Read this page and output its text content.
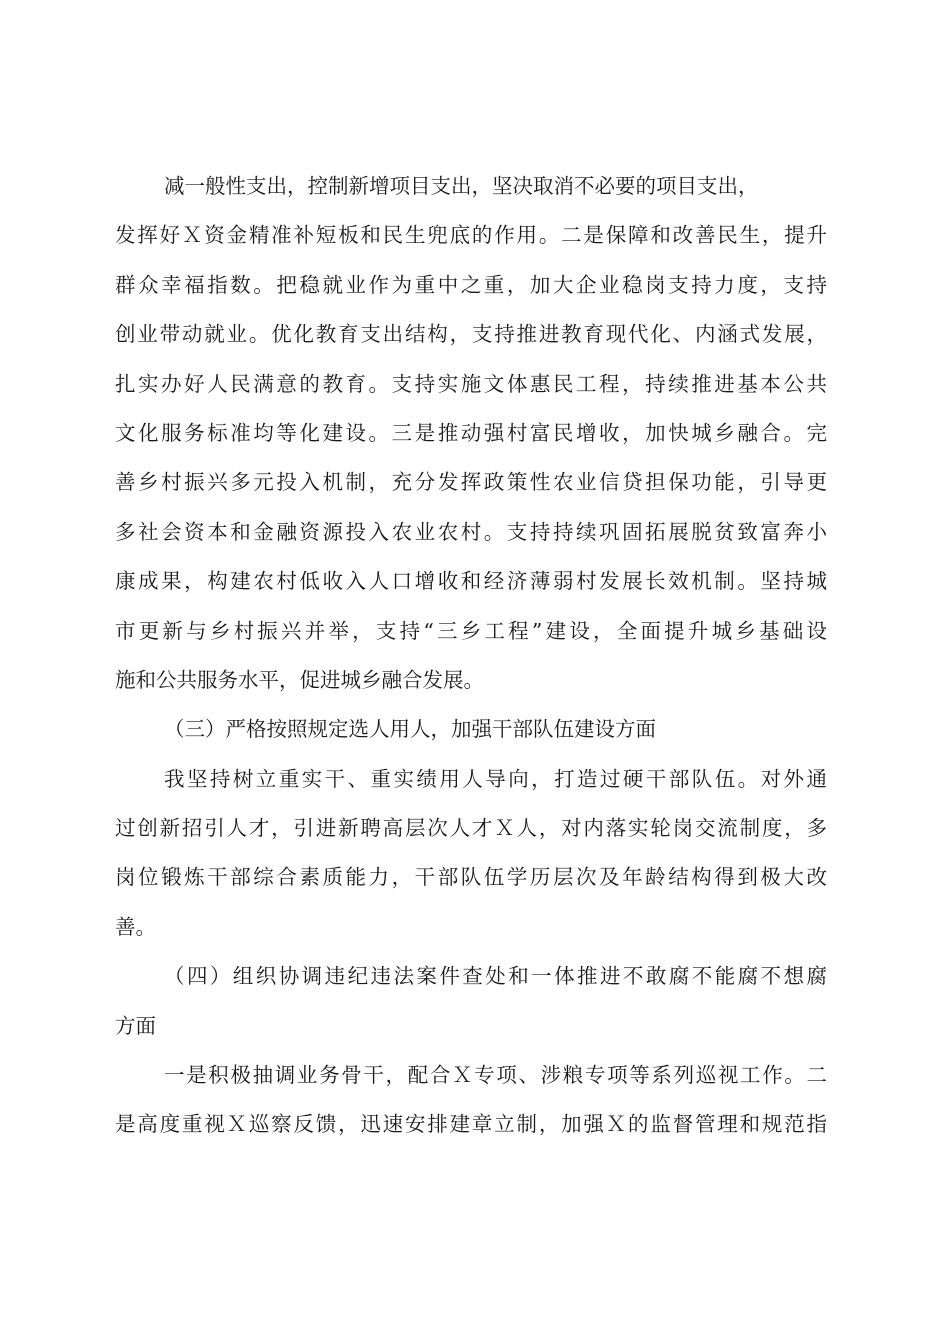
减一般性支出，控制新增项目支出，坚决取消不必要的项目支出，
发挥好Ｘ资金精准补短板和民生兜底的作用。二是保障和改善民生，提升
群众幸福指数。把稳就业作为重中之重，加大企业稳岗支持力度，支持
创业带动就业。优化教育支出结构，支持推进教育现代化、内涵式发展，
扎实办好人民满意的教育。支持实施文体惠民工程，持续推进基本公共
文化服务标准均等化建设。三是推动强村富民增收，加快城乡融合。完
善乡村振兴多元投入机制，充分发挥政策性农业信贷担保功能，引导更
多社会资本和金融资源投入农业农村。支持持续巩固拓展脱贫致富奔小
康成果，构建农村低收入人口增收和经济薄弱村发展长效机制。坚持城
市更新与乡村振兴并举，支持“三乡工程”建设，全面提升城乡基础设
施和公共服务水平，促进城乡融合发展。
（三）严格按照规定选人用人，加强干部队伍建设方面
我坚持树立重实干、重实绩用人导向，打造过硬干部队伍。对外通
过创新招引人才，引进新聘高层次人才Ｘ人，对内落实轮岗交流制度，多
岗位锻炼干部综合素质能力，干部队伍学历层次及年龄结构得到极大改
善。
（四）组织协调违纪违法案件查处和一体推进不敢腐不能腐不想腐
方面
一是积极抽调业务骨干，配合Ｘ专项、涉粮专项等系列巡视工作。二
是高度重视Ｘ巡察反馈，迅速安排建章立制，加强Ｘ的监督管理和规范指
